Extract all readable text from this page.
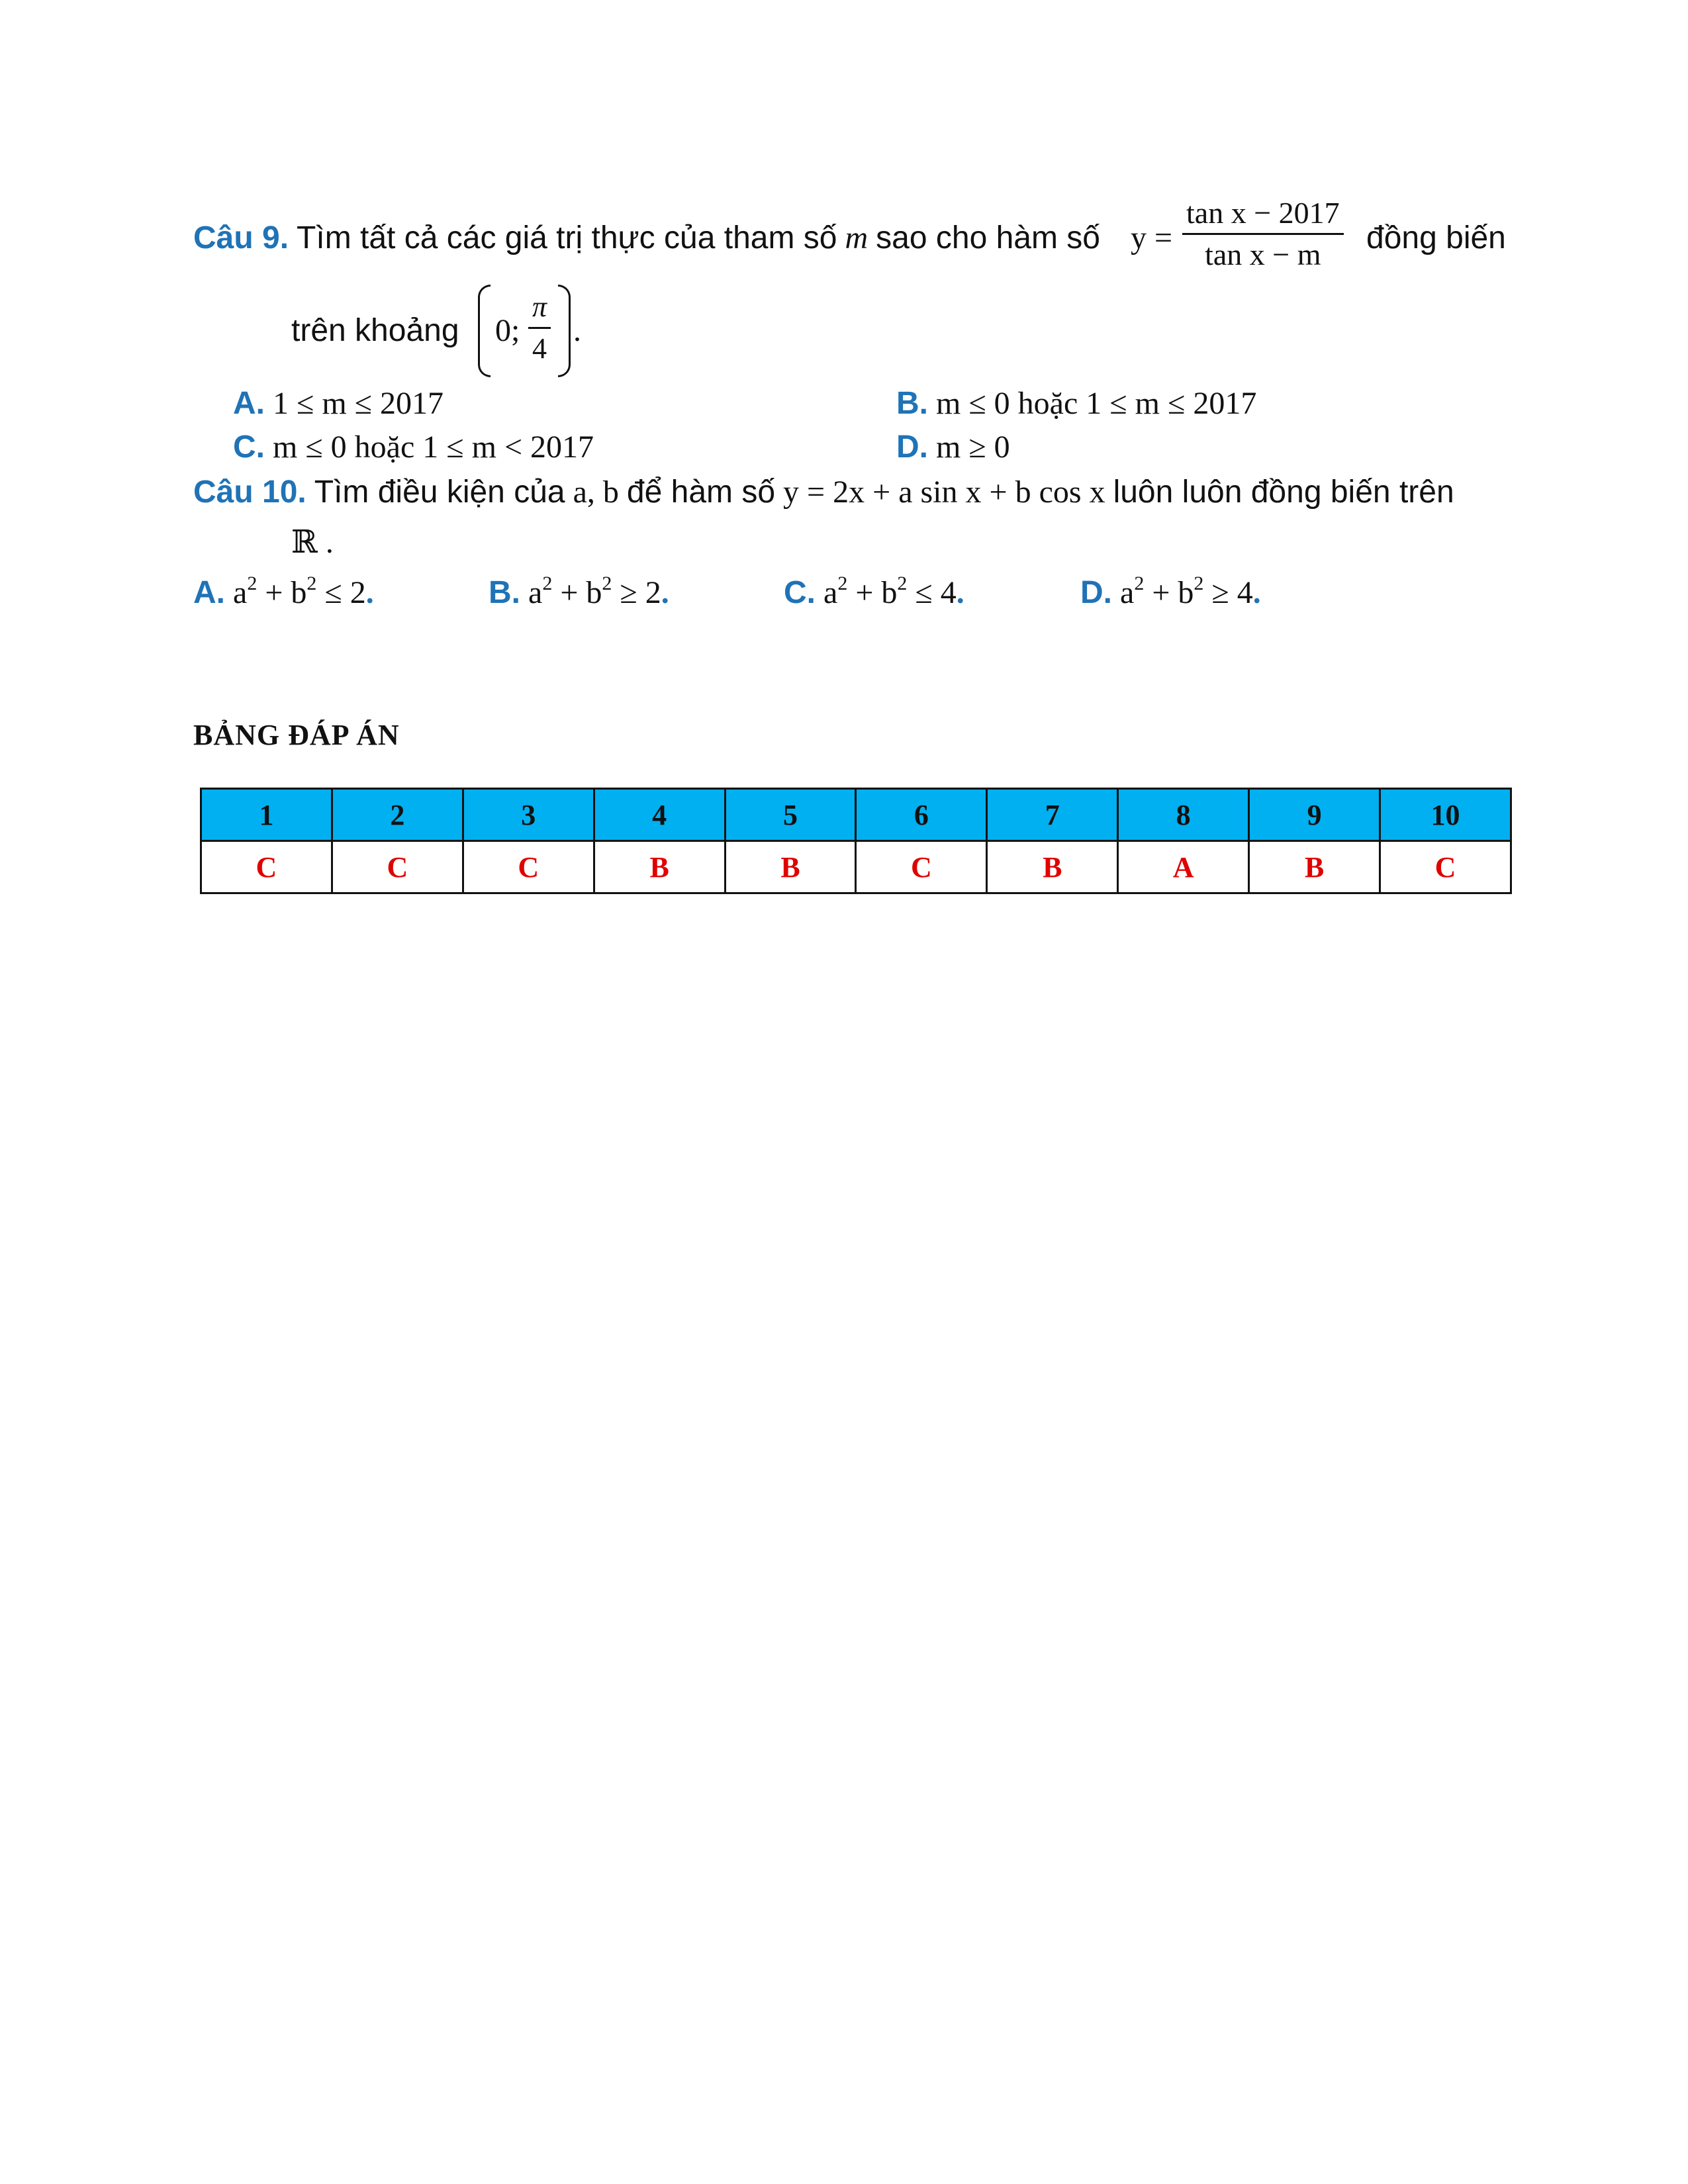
Câu 9. Tìm tất cả các giá trị thực của tham số m sao cho hàm số y =
tan x − 2017
tan x − m đồng biến
trên khoảng 0;
π
4
.
A. 1 ≤ m ≤ 2017	B. m ≤ 0 hoặc 1 ≤ m ≤ 2017
C. m ≤ 0 hoặc 1 ≤ m < 2017	D. m ≥ 0
Câu 10. Tìm điều kiện của a, b để hàm số y = 2x + a sin x + b cos x luôn luôn đồng biến trên
ℝ .
A. $a^2 + b^2 \le 2$.	B. $a^2 + b^2 \ge 2$.	C. $a^2 + b^2 \le 4$.	D. $a^2 + b^2 \ge 4$.
BẢNG ĐÁP ÁN
1	2	3	4	5	6	7	8	9	10
C	C	C	B	B	C	B	A	B	C
